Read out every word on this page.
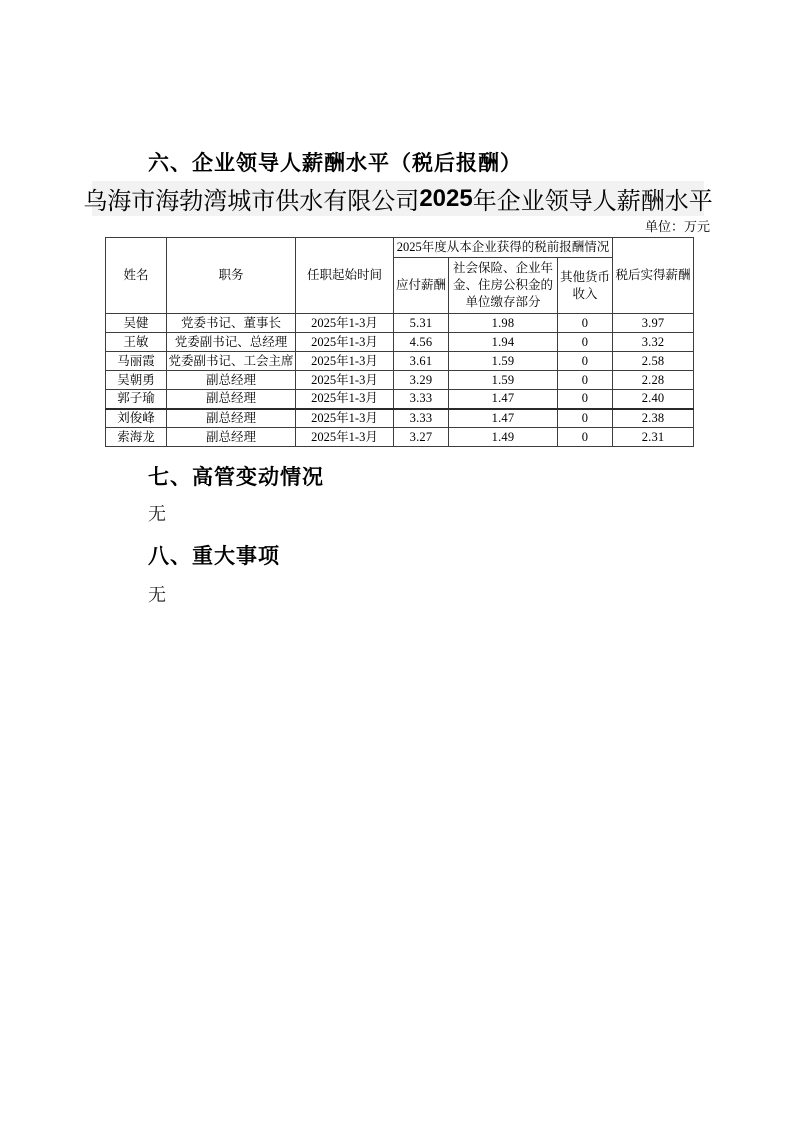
六、企业领导人薪酬水平（税后报酬）
乌海市海勃湾城市供水有限公司 2025 年企业领导人薪酬水平
单位：万元
姓名	职务	任职起始时间	2025年度从本企业获得的税前报酬情况			税后实得薪酬
			应付薪酬	社会保险、企业年金、住房公积金的单位缴存部分	其他货币收入	
吴健	党委书记、董事长	2025年1-3月	5.31	1.98	0	3.97
王敏	党委副书记、总经理	2025年1-3月	4.56	1.94	0	3.32
马丽霞	党委副书记、工会主席	2025年1-3月	3.61	1.59	0	2.58
吴朝勇	副总经理	2025年1-3月	3.29	1.59	0	2.28
郭子瑜	副总经理	2025年1-3月	3.33	1.47	0	2.40
刘俊峰	副总经理	2025年1-3月	3.33	1.47	0	2.38
索海龙	副总经理	2025年1-3月	3.27	1.49	0	2.31
七、高管变动情况
无
八、重大事项
无
